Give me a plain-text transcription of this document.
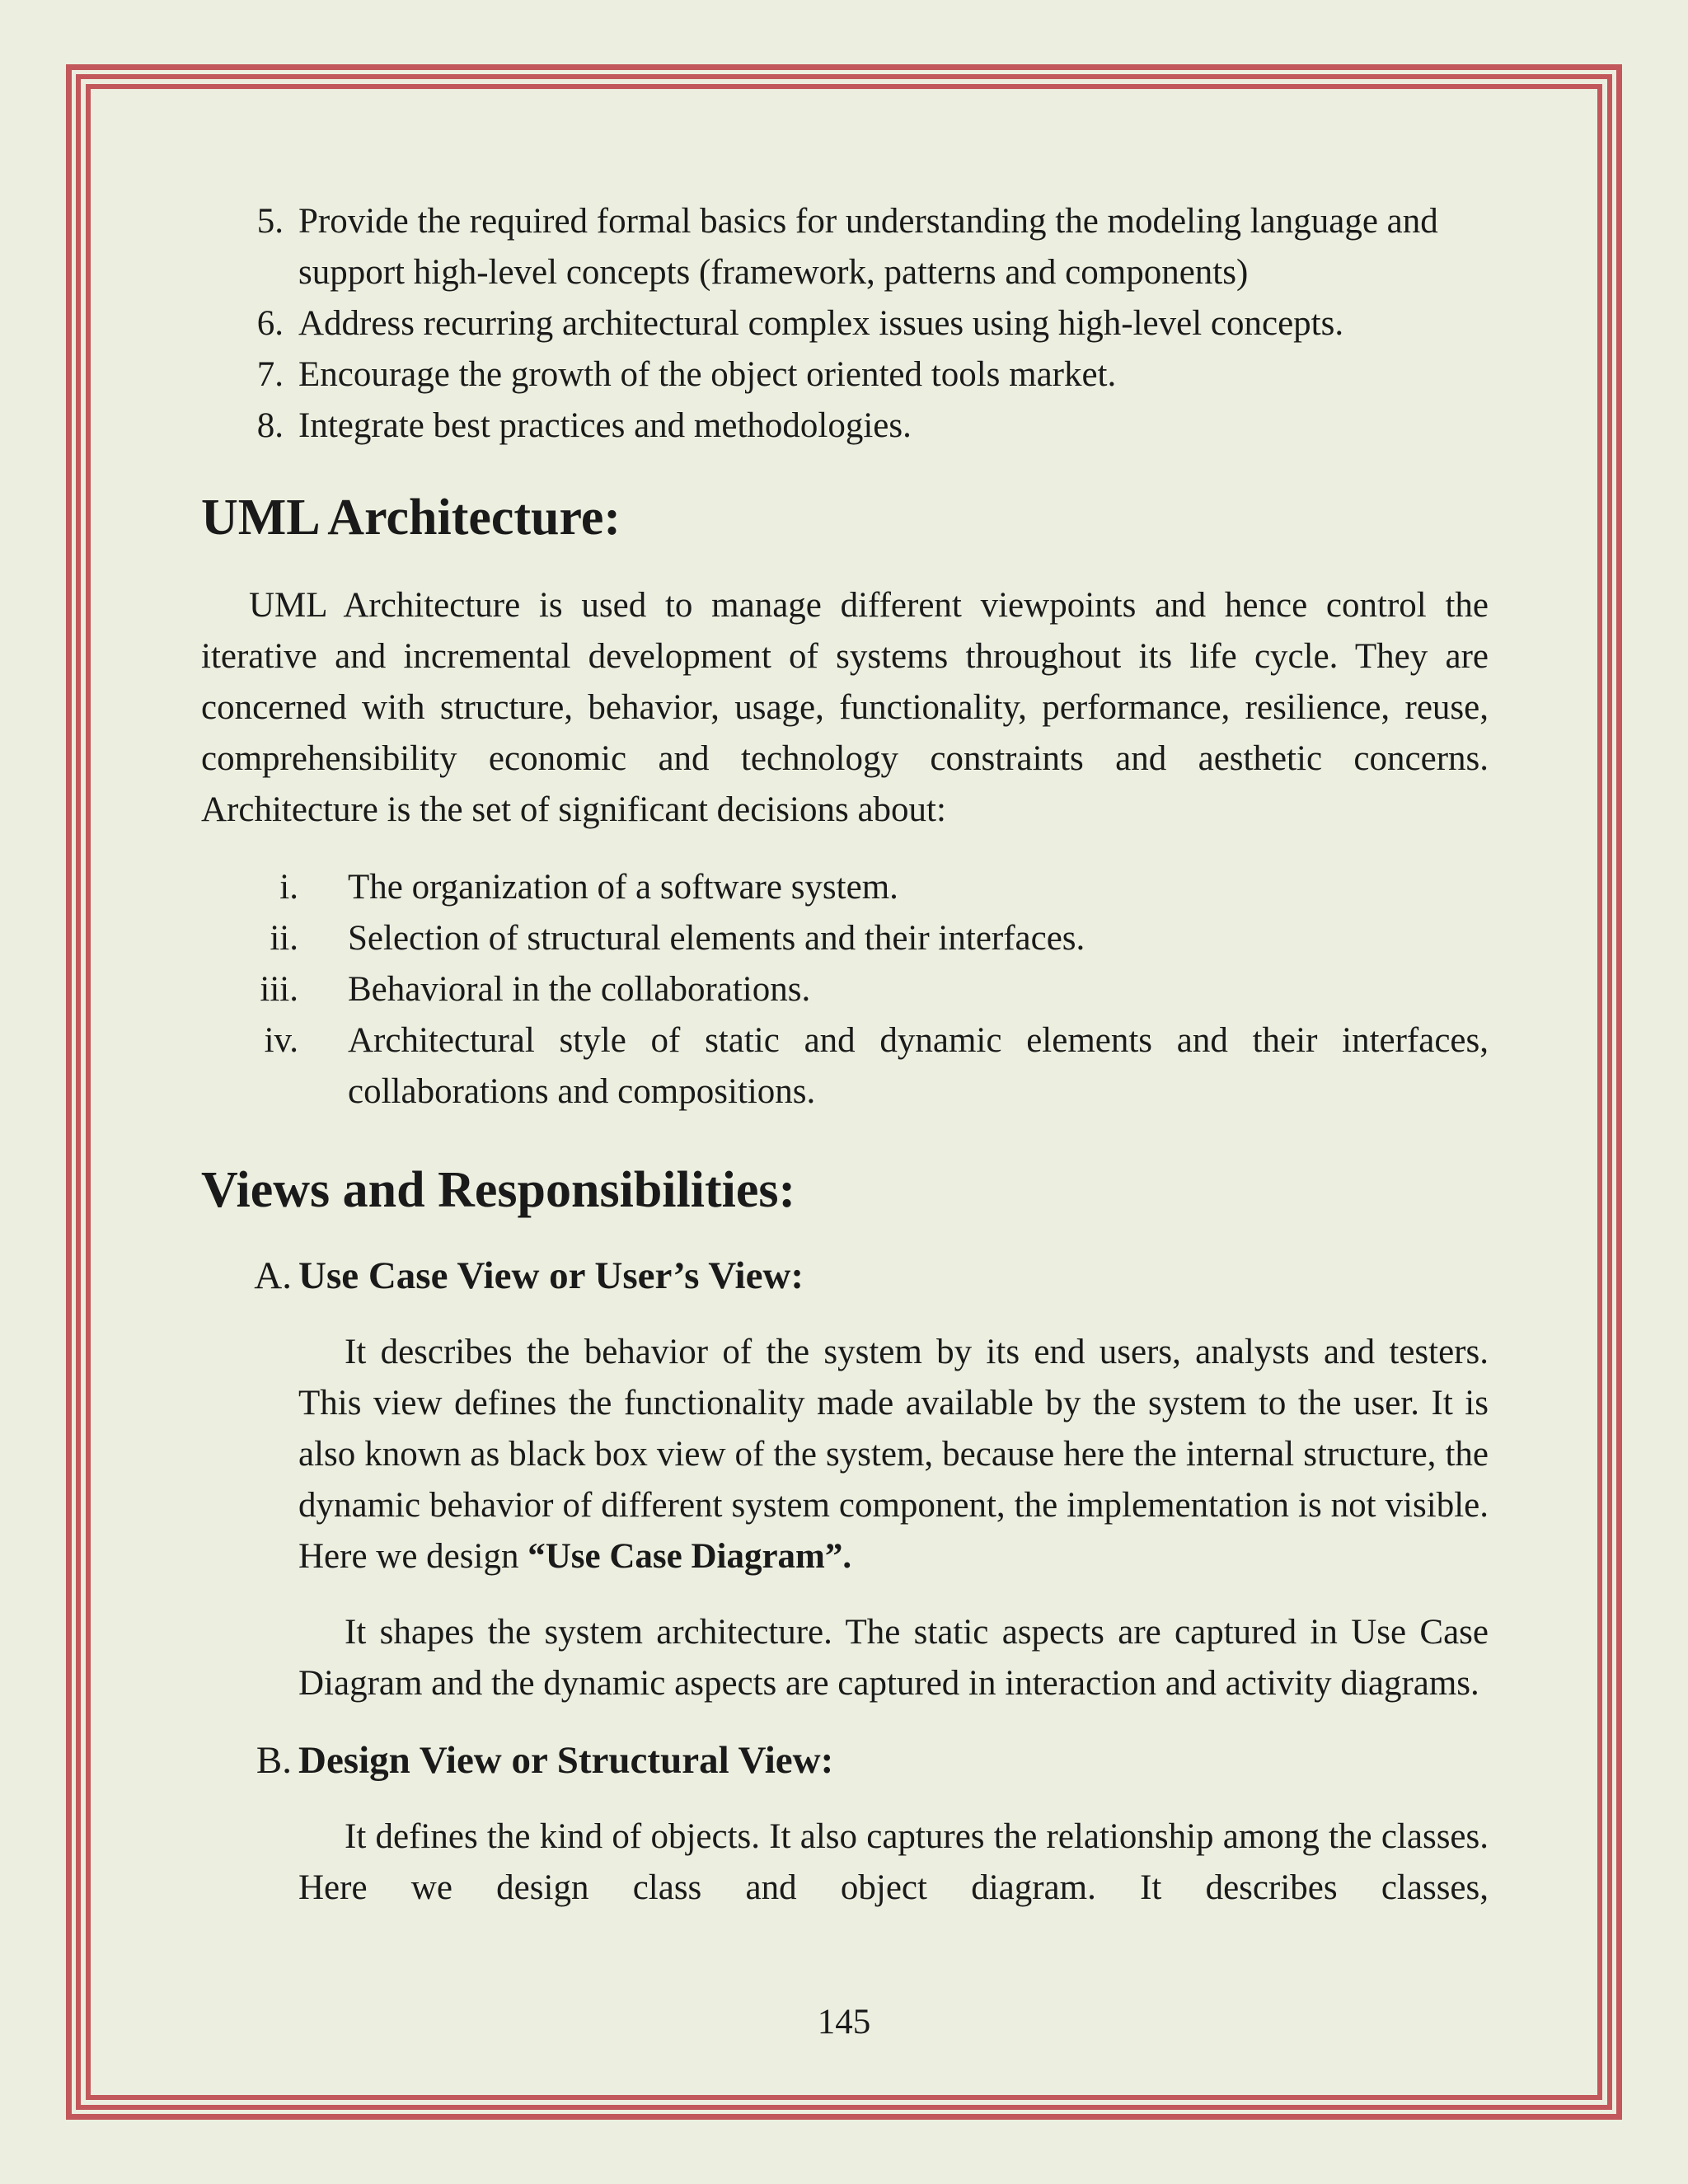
5. Provide the required formal basics for understanding the modeling language and support high-level concepts (framework, patterns and components)
6. Address recurring architectural complex issues using high-level concepts.
7. Encourage the growth of the object oriented tools market.
8. Integrate best practices and methodologies.
UML Architecture:

UML Architecture is used to manage different viewpoints and hence control the iterative and incremental development of systems throughout its life cycle. They are concerned with structure, behavior, usage, functionality, performance, resilience, reuse, comprehensibility economic and technology constraints and aesthetic concerns. Architecture is the set of significant decisions about:

i. The organization of a software system.
ii. Selection of structural elements and their interfaces.
iii. Behavioral in the collaborations.
iv. Architectural style of static and dynamic elements and their interfaces, collaborations and compositions.
Views and Responsibilities:
A. Use Case View or User’s View:

It describes the behavior of the system by its end users, analysts and testers. This view defines the functionality made available by the system to the user. It is also known as black box view of the system, because here the internal structure, the dynamic behavior of different system component, the implementation is not visible. Here we design “Use Case Diagram”.

It shapes the system architecture. The static aspects are captured in Use Case Diagram and the dynamic aspects are captured in interaction and activity diagrams.

B. Design View or Structural View:

It defines the kind of objects. It also captures the relationship among the classes. Here we design class and object diagram. It describes classes,

145
